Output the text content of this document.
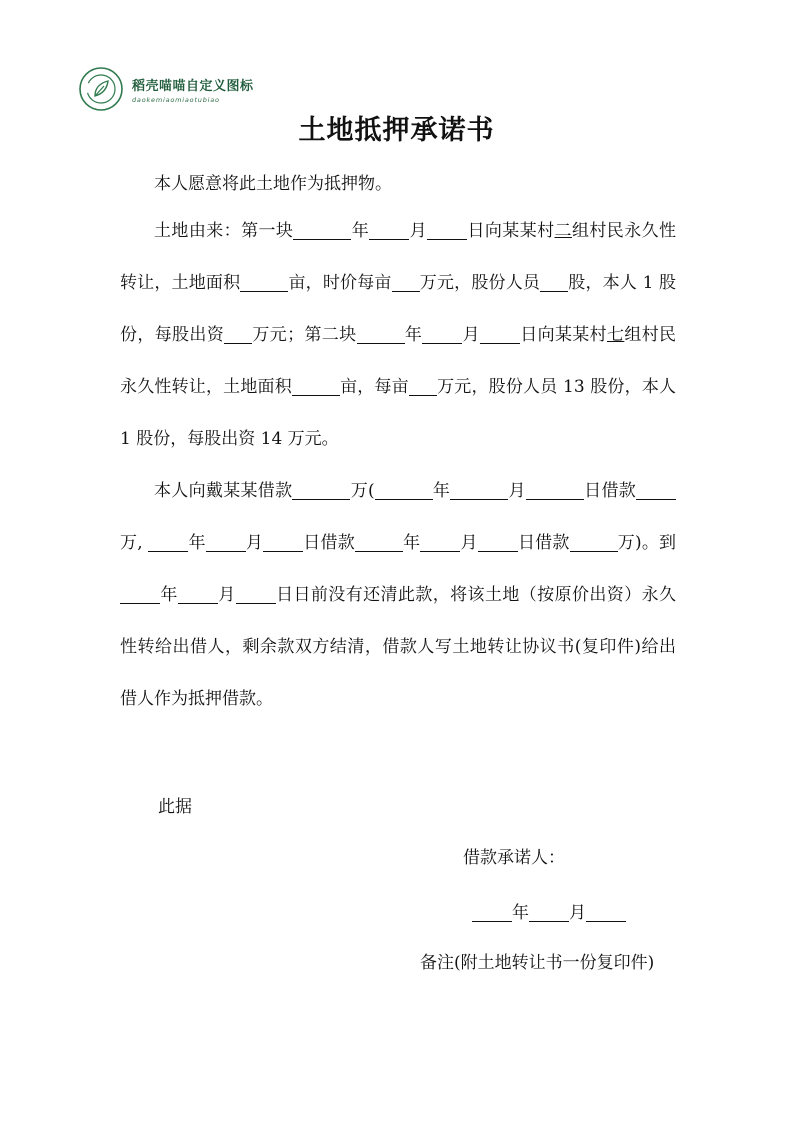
稻壳喵喵自定义图标
daokemiaomiaotubiao
土地抵押承诺书

本人愿意将此土地作为抵押物。

土地由来：第一块	年 月 日向某某村二组村民永久性转让，土地面积	亩，时价每亩 万元，股份人员 股，本人 1 股份，每股出资 万元；第二块	年 月 日向某某村七组村民永久性转让，土地面积	亩，每亩 万元，股份人员 13 股份，本人 1 股份，每股出资 14 万元。

本人向戴某某借款	万(	年	月	日借款万, 年 月 日借款	年 月 日借款	万)。到年 月 日日前没有还清此款，将该土地（按原价出资）永久性转给出借人，剩余款双方结清，借款人写土地转让协议书(复印件)给出借人作为抵押借款。

此据
借款承诺人：
年 月
备注(附土地转让书一份复印件)
